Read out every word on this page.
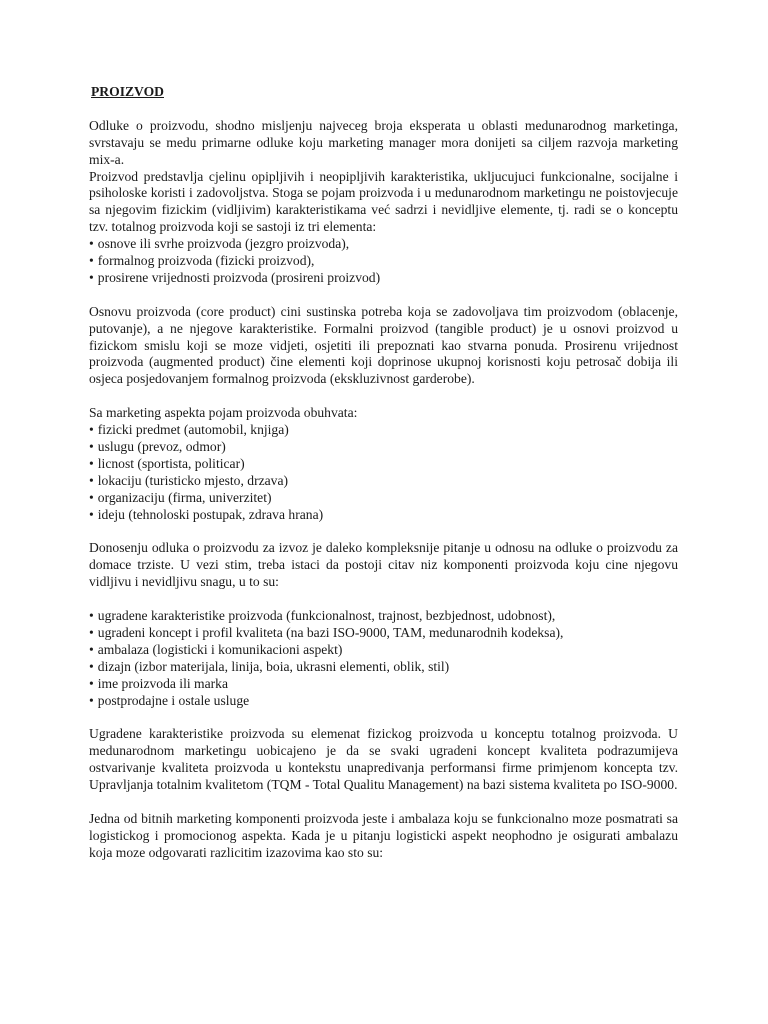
PROIZVOD

Odluke o proizvodu, shodno misljenju najveceg broja eksperata u oblasti medunarodnog marketinga, svrstavaju se medu primarne odluke koju marketing manager mora donijeti sa ciljem razvoja marketing mix-a.

Proizvod predstavlja cjelinu opipljivih i neopipljivih karakteristika, ukljucujuci funkcionalne, socijalne i psiholoske koristi i zadovoljstva. Stoga se pojam proizvoda i u medunarodnom marketingu ne poistovjecuje sa njegovim fizickim (vidljivim) karakteristikama već sadrzi i nevidljive elemente, tj. radi se o konceptu tzv. totalnog proizvoda koji se sastoji iz tri elementa:

• osnove ili svrhe proizvoda (jezgro proizvoda),
• formalnog proizvoda (fizicki proizvod),
• prosirene vrijednosti proizvoda (prosireni proizvod)

Osnovu proizvoda (core product) cini sustinska potreba koja se zadovoljava tim proizvodom (oblacenje, putovanje), a ne njegove karakteristike. Formalni proizvod (tangible product) je u osnovi proizvod u fizickom smislu koji se moze vidjeti, osjetiti ili prepoznati kao stvarna ponuda. Prosirenu vrijednost proizvoda (augmented product) čine elementi koji doprinose ukupnoj korisnosti koju petrosač dobija ili osjeca posjedovanjem formalnog proizvoda (ekskluzivnost garderobe).

Sa marketing aspekta pojam proizvoda obuhvata:

• fizicki predmet (automobil, knjiga)
• uslugu (prevoz, odmor)
• licnost (sportista, politicar)
• lokaciju (turisticko mjesto, drzava)
• organizaciju (firma, univerzitet)
• ideju (tehnoloski postupak, zdrava hrana)

Donosenju odluka o proizvodu za izvoz je daleko kompleksnije pitanje u odnosu na odluke o proizvodu za domace trziste. U vezi stim, treba istaci da postoji citav niz komponenti proizvoda koju cine njegovu vidljivu i nevidljivu snagu, u to su:

• ugradene karakteristike proizvoda (funkcionalnost, trajnost, bezbjednost, udobnost),
• ugradeni koncept i profil kvaliteta (na bazi ISO-9000, TAM, medunarodnih kodeksa),
• ambalaza (logisticki i komunikacioni aspekt)
• dizajn (izbor materijala, linija, boia, ukrasni elementi, oblik, stil)
• ime proizvoda ili marka
• postprodajne i ostale usluge

Ugradene karakteristike proizvoda su elemenat fizickog proizvoda u konceptu totalnog proizvoda. U medunarodnom marketingu uobicajeno je da se svaki ugradeni koncept kvaliteta podrazumijeva ostvarivanje kvaliteta proizvoda u kontekstu unapredivanja performansi firme primjenom koncepta tzv. Upravljanja totalnim kvalitetom (TQM - Total Qualitu Management) na bazi sistema kvaliteta po ISO-9000.

Jedna od bitnih marketing komponenti proizvoda jeste i ambalaza koju se funkcionalno moze posmatrati sa logistickog i promocionog aspekta. Kada je u pitanju logisticki aspekt neophodno je osigurati ambalazu koja moze odgovarati razlicitim izazovima kao sto su:
